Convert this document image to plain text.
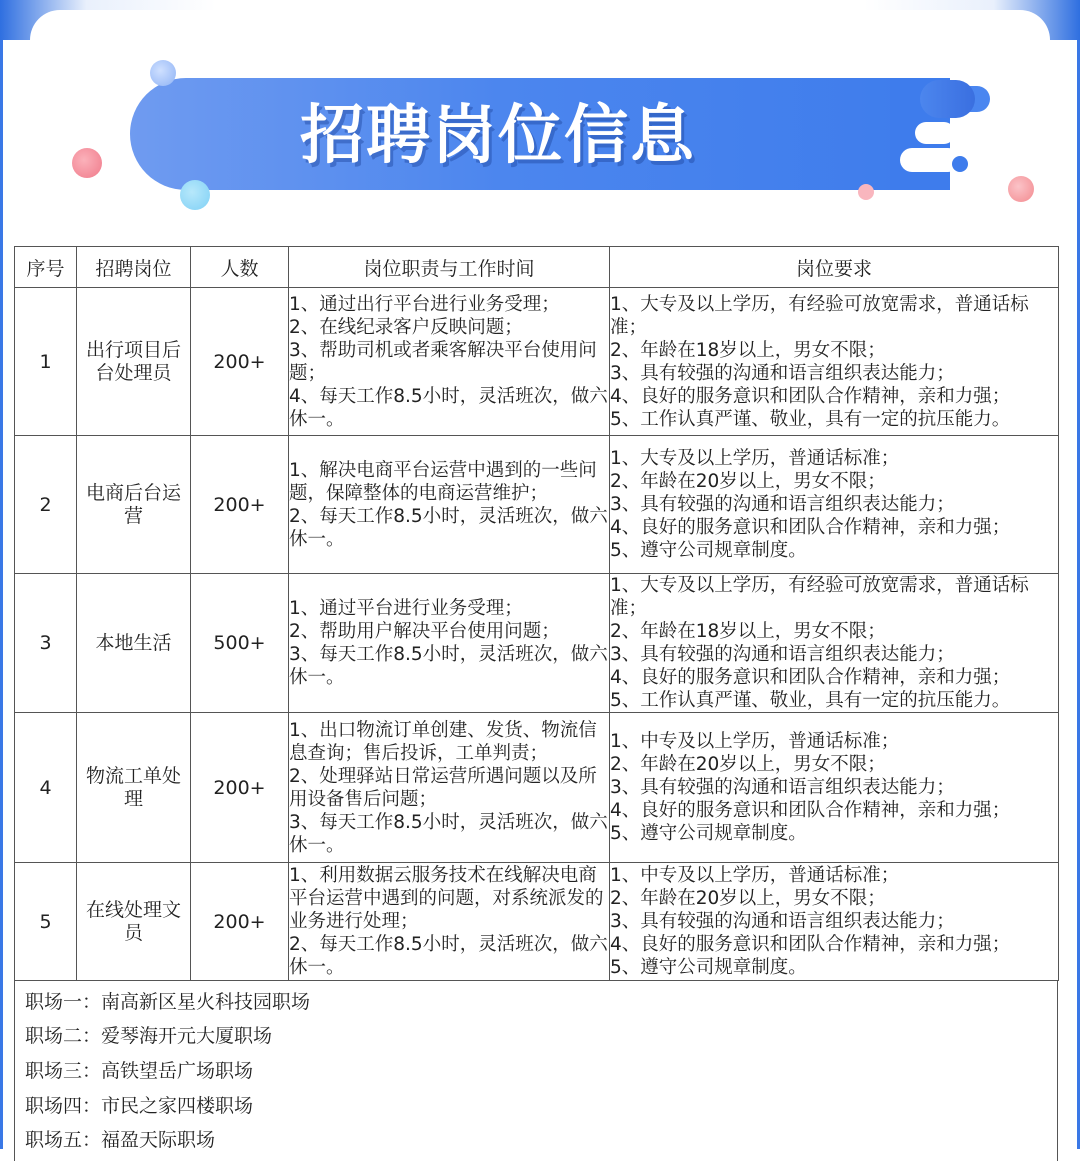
招聘岗位信息
序号	招聘岗位	人数	岗位职责与工作时间	岗位要求
1	出行项目后台处理员	200+	1、通过出行平台进行业务受理；
2、在线纪录客户反映问题；
3、帮助司机或者乘客解决平台使用问题；
4、每天工作8.5小时，灵活班次，做六休一。	1、大专及以上学历，有经验可放宽需求，普通话标准；
2、年龄在18岁以上，男女不限；
3、具有较强的沟通和语言组织表达能力；
4、良好的服务意识和团队合作精神，亲和力强；
5、工作认真严谨、敬业，具有一定的抗压能力。

2	电商后台运营	200+	1、解决电商平台运营中遇到的一些问题，保障整体的电商运营维护；
2、每天工作8.5小时，灵活班次，做六休一。	1、大专及以上学历，普通话标准；
2、年龄在20岁以上，男女不限；
3、具有较强的沟通和语言组织表达能力；
4、良好的服务意识和团队合作精神，亲和力强；
5、遵守公司规章制度。

3	本地生活	500+	1、通过平台进行业务受理；
2、帮助用户解决平台使用问题；
3、每天工作8.5小时，灵活班次，做六休一。	1、大专及以上学历，有经验可放宽需求，普通话标准；
2、年龄在18岁以上，男女不限；
3、具有较强的沟通和语言组织表达能力；
4、良好的服务意识和团队合作精神，亲和力强；
5、工作认真严谨、敬业，具有一定的抗压能力。

4	物流工单处理	200+	1、出口物流订单创建、发货、物流信息查询；售后投诉，工单判责；
2、处理驿站日常运营所遇问题以及所用设备售后问题；
3、每天工作8.5小时，灵活班次，做六休一。	1、中专及以上学历，普通话标准；
2、年龄在20岁以上，男女不限；
3、具有较强的沟通和语言组织表达能力；
4、良好的服务意识和团队合作精神，亲和力强；
5、遵守公司规章制度。

5	在线处理文员	200+	1、利用数据云服务技术在线解决电商平台运营中遇到的问题，对系统派发的业务进行处理；
2、每天工作8.5小时，灵活班次，做六休一。	1、中专及以上学历，普通话标准；
2、年龄在20岁以上，男女不限；
3、具有较强的沟通和语言组织表达能力；
4、良好的服务意识和团队合作精神，亲和力强；
5、遵守公司规章制度。
职场一：南高新区星火科技园职场
职场二：爱琴海开元大厦职场
职场三：高铁望岳广场职场
职场四：市民之家四楼职场
职场五：福盈天际职场
